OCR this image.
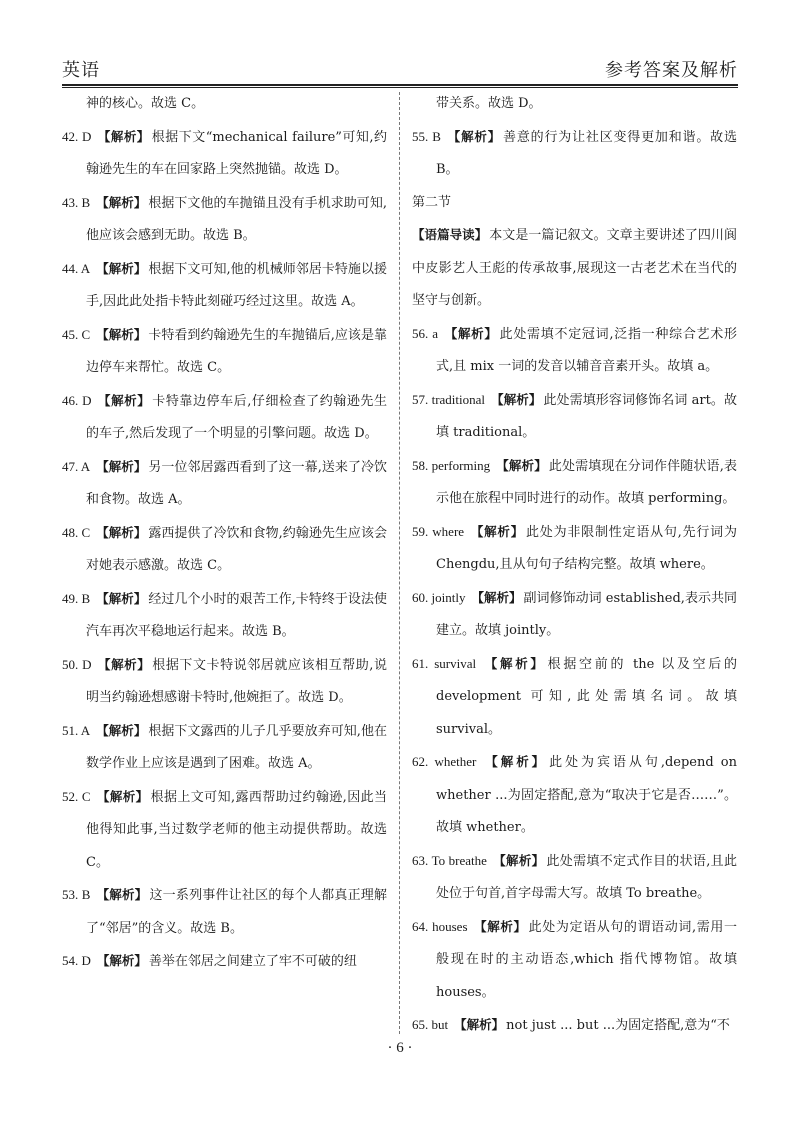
英语	参考答案及解析
神的核心。故选 C。
42. D 【解析】 根据下文“mechanical failure”可知,约翰逊先生的车在回家路上突然抛锚。故选 D。
43. B 【解析】 根据下文他的车抛锚且没有手机求助可知,他应该会感到无助。故选 B。
44. A 【解析】 根据下文可知,他的机械师邻居卡特施以援手,因此此处指卡特此刻碰巧经过这里。故选 A。
45. C 【解析】 卡特看到约翰逊先生的车抛锚后,应该是靠边停车来帮忙。故选 C。
46. D 【解析】 卡特靠边停车后,仔细检查了约翰逊先生的车子,然后发现了一个明显的引擎问题。故选 D。
47. A 【解析】 另一位邻居露西看到了这一幕,送来了冷饮和食物。故选 A。
48. C 【解析】 露西提供了冷饮和食物,约翰逊先生应该会对她表示感激。故选 C。
49. B 【解析】 经过几个小时的艰苦工作,卡特终于设法使汽车再次平稳地运行起来。故选 B。
50. D 【解析】 根据下文卡特说邻居就应该相互帮助,说明当约翰逊想感谢卡特时,他婉拒了。故选 D。
51. A 【解析】 根据下文露西的儿子几乎要放弃可知,他在数学作业上应该是遇到了困难。故选 A。
52. C 【解析】 根据上文可知,露西帮助过约翰逊,因此当他得知此事,当过数学老师的他主动提供帮助。故选 C。
53. B 【解析】 这一系列事件让社区的每个人都真正理解了“邻居”的含义。故选 B。
54. D 【解析】 善举在邻居之间建立了牢不可破的纽
带关系。故选 D。
55. B 【解析】 善意的行为让社区变得更加和谐。故选 B。
第二节
【语篇导读】 本文是一篇记叙文。文章主要讲述了四川阆中皮影艺人王彪的传承故事,展现这一古老艺术在当代的坚守与创新。
56. a 【解析】 此处需填不定冠词,泛指一种综合艺术形式,且 mix 一词的发音以辅音音素开头。故填 a。
57. traditional 【解析】 此处需填形容词修饰名词 art。故填 traditional。
58. performing 【解析】 此处需填现在分词作伴随状语,表示他在旅程中同时进行的动作。故填 performing。
59. where 【解析】 此处为非限制性定语从句,先行词为 Chengdu,且从句句子结构完整。故填 where。
60. jointly 【解析】 副词修饰动词 established,表示共同建立。故填 jointly。
61. survival 【解析】 根据空前的 the 以及空后的 development 可知,此处需填名词。故填 survival。
62. whether 【解析】 此处为宾语从句,depend on whether ...为固定搭配,意为“取决于它是否……”。故填 whether。
63. To breathe 【解析】 此处需填不定式作目的状语,且此处位于句首,首字母需大写。故填 To breathe。
64. houses 【解析】 此处为定语从句的谓语动词,需用一般现在时的主动语态,which 指代博物馆。故填 houses。
65. but 【解析】 not just ... but ...为固定搭配,意为“不
· 6 ·
